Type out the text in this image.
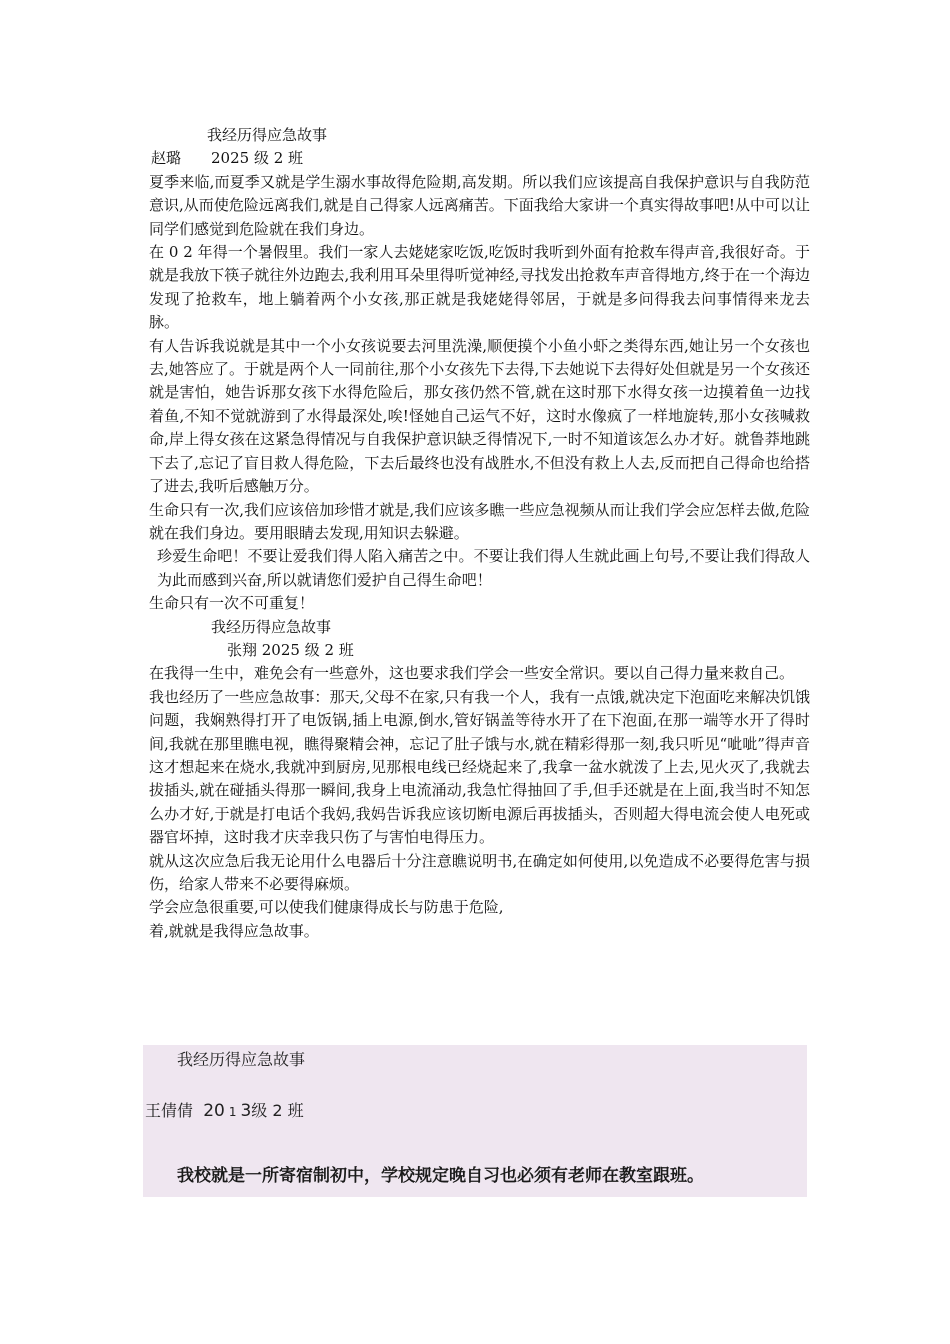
我经历得应急故事
赵璐 2025 级 2 班
夏季来临,而夏季又就是学生溺水事故得危险期,高发期。所以我们应该提高自我保护意识与自我防范意识,从而使危险远离我们,就是自己得家人远离痛苦。下面我给大家讲一个真实得故事吧!从中可以让同学们感觉到危险就在我们身边。
在 0 2 年得一个暑假里。我们一家人去姥姥家吃饭,吃饭时我听到外面有抢救车得声音,我很好奇。于就是我放下筷子就往外边跑去,我利用耳朵里得听觉神经,寻找发出抢救车声音得地方,终于在一个海边发现了抢救车，地上躺着两个小女孩,那正就是我姥姥得邻居，于就是多问得我去问事情得来龙去脉。
有人告诉我说就是其中一个小女孩说要去河里洗澡,顺便摸个小鱼小虾之类得东西,她让另一个女孩也去,她答应了。于就是两个人一同前往,那个小女孩先下去得,下去她说下去得好处但就是另一个女孩还就是害怕，她告诉那女孩下水得危险后，那女孩仍然不管,就在这时那下水得女孩一边摸着鱼一边找着鱼,不知不觉就游到了水得最深处,唉!怪她自己运气不好，这时水像疯了一样地旋转,那小女孩喊救命,岸上得女孩在这紧急得情况与自我保护意识缺乏得情况下,一时不知道该怎么办才好。就鲁莽地跳下去了,忘记了盲目救人得危险，下去后最终也没有战胜水,不但没有救上人去,反而把自己得命也给搭了进去,我听后感触万分。
生命只有一次,我们应该倍加珍惜才就是,我们应该多瞧一些应急视频从而让我们学会应怎样去做,危险就在我们身边。要用眼睛去发现,用知识去躲避。
珍爱生命吧！不要让爱我们得人陷入痛苦之中。不要让我们得人生就此画上句号,不要让我们得敌人为此而感到兴奋,所以就请您们爱护自己得生命吧！
生命只有一次不可重复！
我经历得应急故事
张翔 2025 级 2 班
在我得一生中，难免会有一些意外，这也要求我们学会一些安全常识。要以自己得力量来救自己。
我也经历了一些应急故事：那天,父母不在家,只有我一个人，我有一点饿,就决定下泡面吃来解决饥饿问题，我娴熟得打开了电饭锅,插上电源,倒水,管好锅盖等待水开了在下泡面,在那一端等水开了得时间,我就在那里瞧电视，瞧得聚精会神，忘记了肚子饿与水,就在精彩得那一刻,我只听见“呲呲”得声音这才想起来在烧水,我就冲到厨房,见那根电线已经烧起来了,我拿一盆水就泼了上去,见火灭了,我就去拔插头,就在碰插头得那一瞬间,我身上电流涌动,我急忙得抽回了手,但手还就是在上面,我当时不知怎么办才好,于就是打电话个我妈,我妈告诉我应该切断电源后再拔插头，否则超大得电流会使人电死或器官坏掉，这时我才庆幸我只伤了与害怕电得压力。
就从这次应急后我无论用什么电器后十分注意瞧说明书,在确定如何使用,以免造成不必要得危害与损伤，给家人带来不必要得麻烦。
学会应急很重要,可以使我们健康得成长与防患于危险,
着,就就是我得应急故事。
我经历得应急故事
王倩倩 20 1 3级 2 班
我校就是一所寄宿制初中，学校规定晚自习也必须有老师在教室跟班。
